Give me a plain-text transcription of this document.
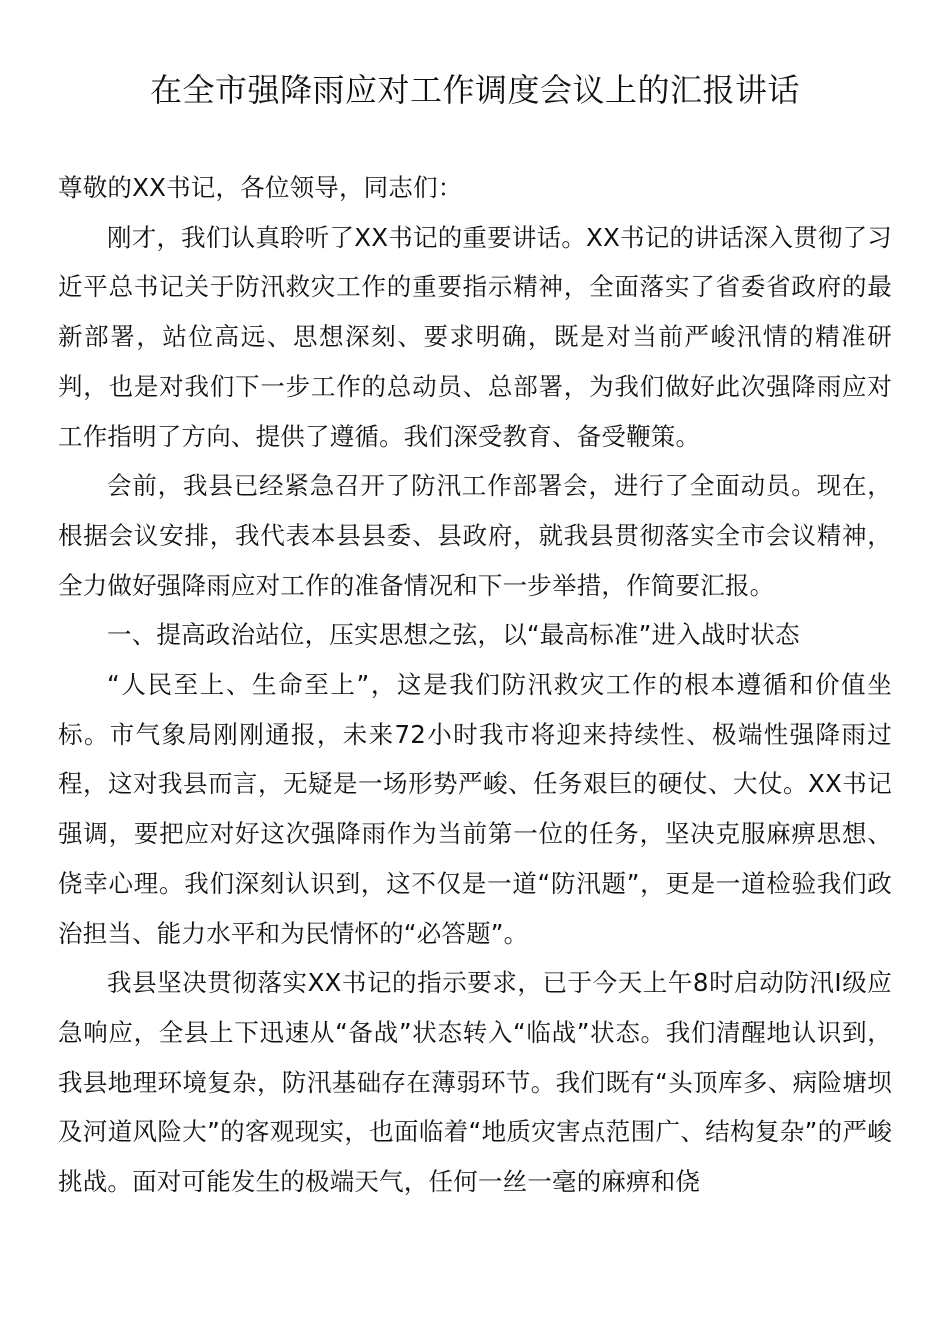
在全市强降雨应对工作调度会议上的汇报讲话

尊敬的XX书记，各位领导，同志们：

刚才，我们认真聆听了XX书记的重要讲话。XX书记的讲话深入贯彻了习近平总书记关于防汛救灾工作的重要指示精神，全面落实了省委省政府的最新部署，站位高远、思想深刻、要求明确，既是对当前严峻汛情的精准研判，也是对我们下一步工作的总动员、总部署，为我们做好此次强降雨应对工作指明了方向、提供了遵循。我们深受教育、备受鞭策。

会前，我县已经紧急召开了防汛工作部署会，进行了全面动员。现在，根据会议安排，我代表本县县委、县政府，就我县贯彻落实全市会议精神，全力做好强降雨应对工作的准备情况和下一步举措，作简要汇报。

一、提高政治站位，压实思想之弦，以“最高标准”进入战时状态

“人民至上、生命至上”，这是我们防汛救灾工作的根本遵循和价值坐标。市气象局刚刚通报，未来72小时我市将迎来持续性、极端性强降雨过程，这对我县而言，无疑是一场形势严峻、任务艰巨的硬仗、大仗。XX书记强调，要把应对好这次强降雨作为当前第一位的任务，坚决克服麻痹思想、侥幸心理。我们深刻认识到，这不仅是一道“防汛题”，更是一道检验我们政治担当、能力水平和为民情怀的“必答题”。

我县坚决贯彻落实XX书记的指示要求，已于今天上午8时启动防汛I级应急响应，全县上下迅速从“备战”状态转入“临战”状态。我们清醒地认识到，我县地理环境复杂，防汛基础存在薄弱环节。我们既有“头顶库多、病险塘坝及河道风险大”的客观现实，也面临着“地质灾害点范围广、结构复杂”的严峻挑战。面对可能发生的极端天气，任何一丝一毫的麻痹和侥
